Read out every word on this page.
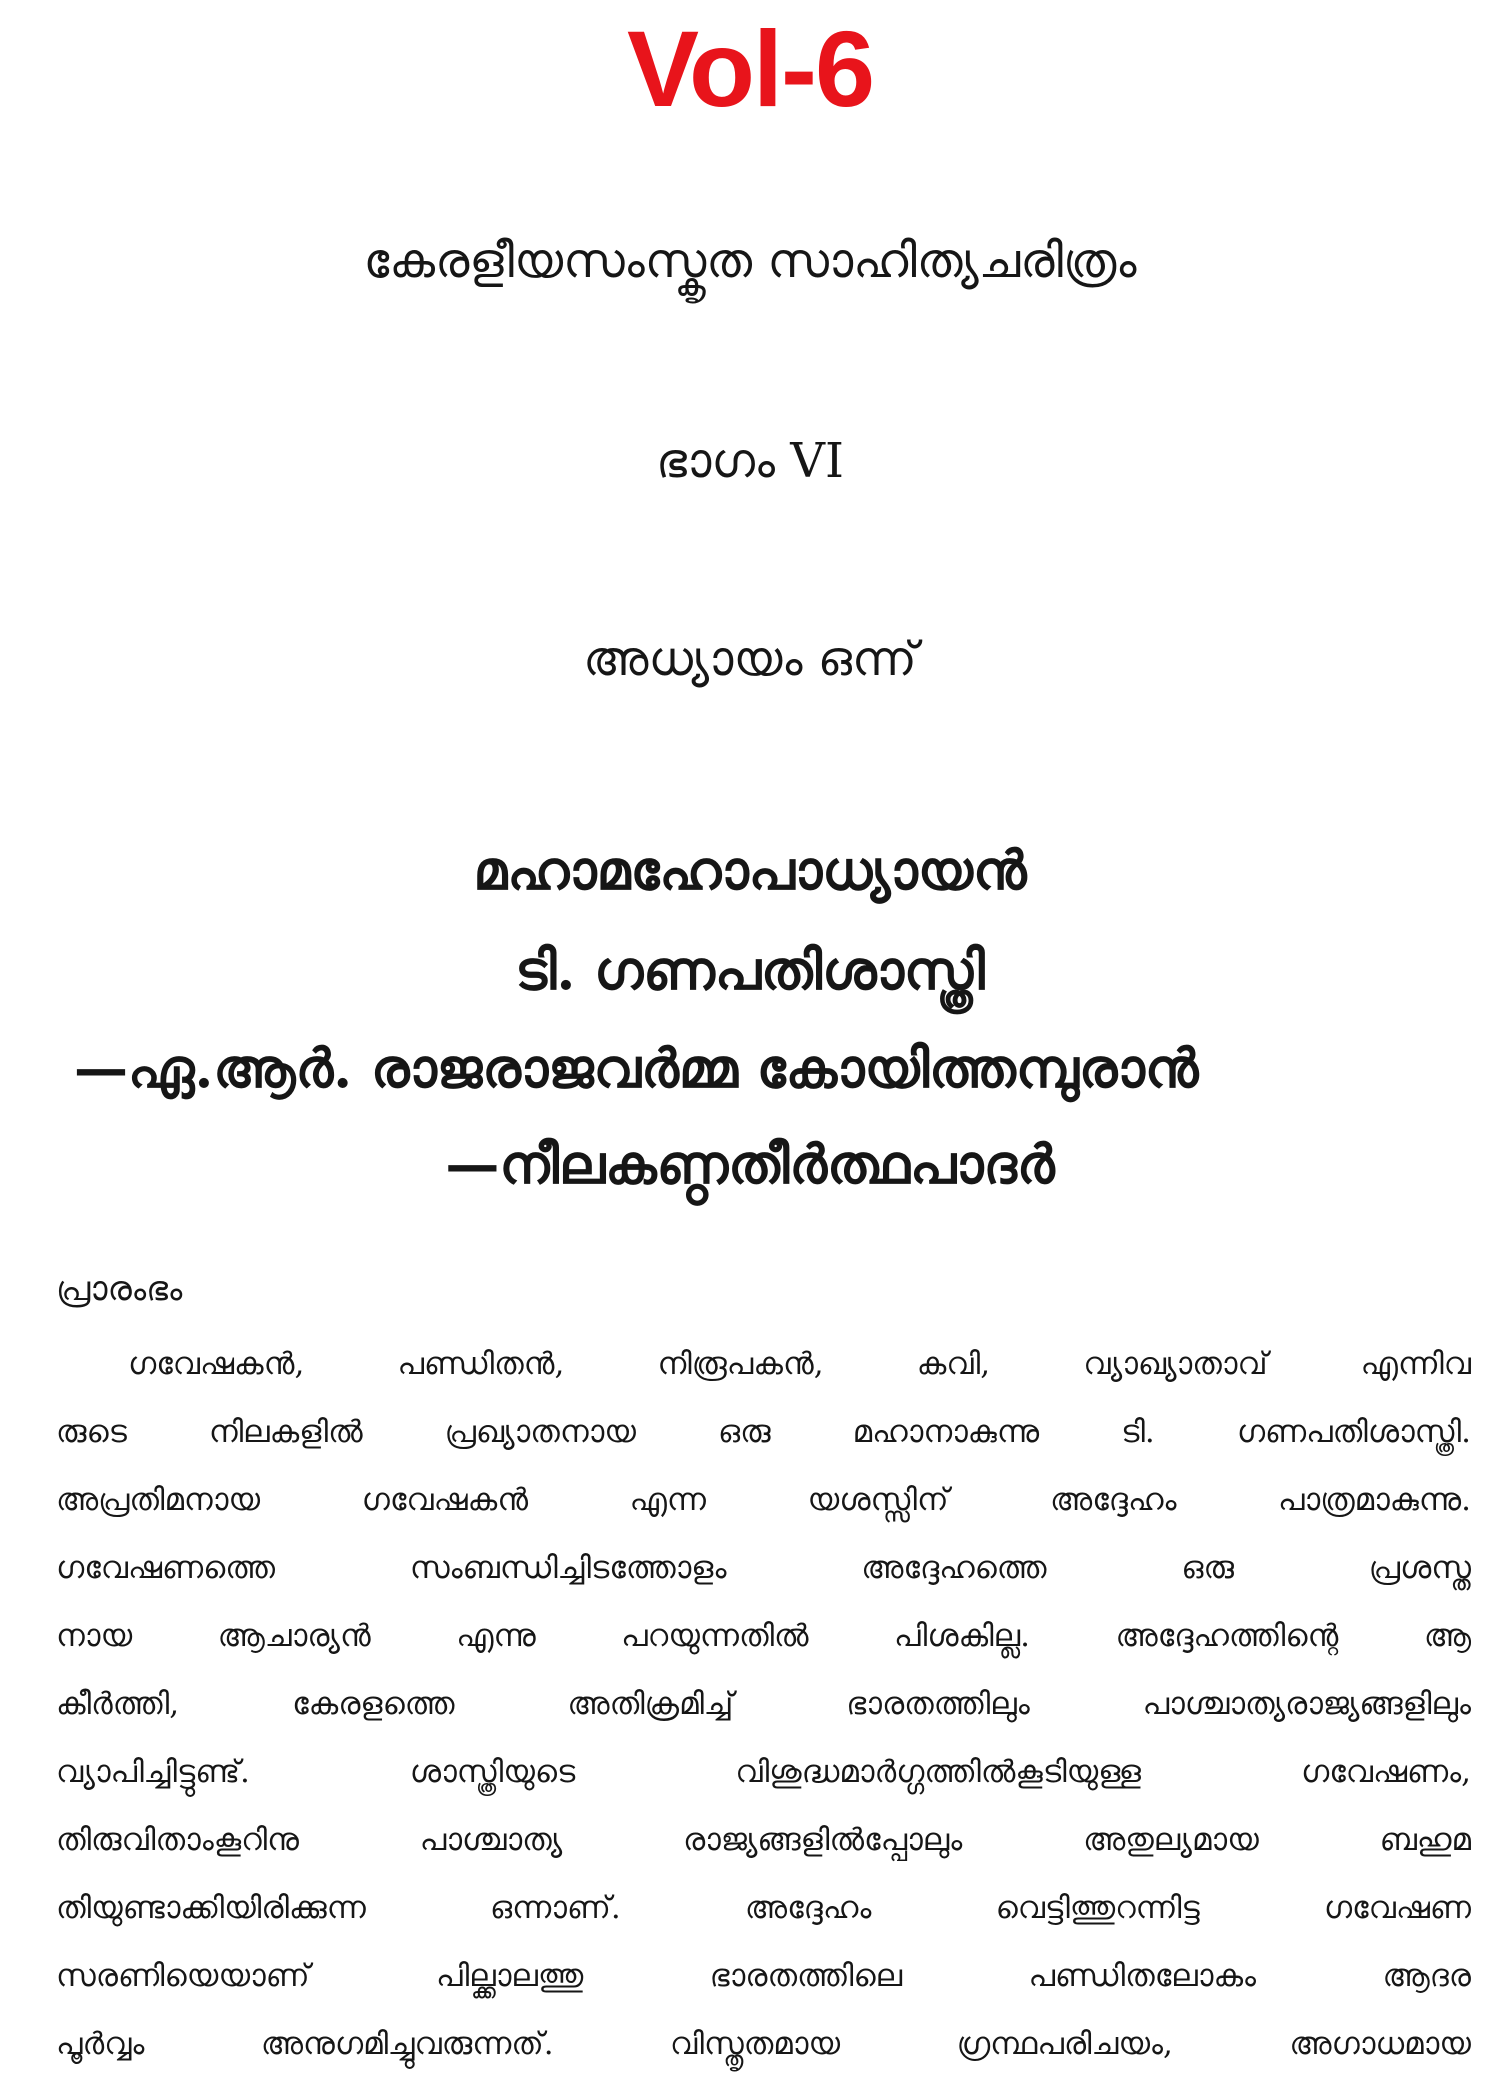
Vol-6
കേരളീയസംസ്കൃത സാഹിത്യചരിത്രം
ഭാഗം VI
അധ്യായം ഒന്ന്
മഹാമഹോപാധ്യായൻ
ടി. ഗണപതിശാസ്ത്രി
—ഏ.ആർ. രാജരാജവർമ്മ കോയിത്തമ്പുരാൻ
—നീലകണ്ഠതീർത്ഥപാദർ
പ്രാരംഭം
ഗവേഷകൻ, പണ്ഡിതൻ, നിരൂപകൻ, കവി, വ്യാഖ്യാതാവ് എന്നിവ
രുടെ നിലകളിൽ പ്രഖ്യാതനായ ഒരു മഹാനാകുന്നു ടി. ഗണപതിശാസ്ത്രി.
അപ്രതിമനായ ഗവേഷകൻ എന്ന യശസ്സിന് അദ്ദേഹം പാത്രമാകുന്നു.
ഗവേഷണത്തെ സംബന്ധിച്ചിടത്തോളം അദ്ദേഹത്തെ ഒരു പ്രശസ്ത
നായ ആചാര്യൻ എന്നു പറയുന്നതിൽ പിശകില്ല. അദ്ദേഹത്തിന്റെ ആ
കീർത്തി, കേരളത്തെ അതിക്രമിച്ച് ഭാരതത്തിലും പാശ്ചാത്യരാജ്യങ്ങളിലും
വ്യാപിച്ചിട്ടുണ്ട്. ശാസ്ത്രിയുടെ വിശുദ്ധമാർഗ്ഗത്തിൽകൂടിയുള്ള ഗവേഷണം,
തിരുവിതാംകൂറിനു പാശ്ചാത്യ രാജ്യങ്ങളിൽപ്പോലും അതുല്യമായ ബഹുമ
തിയുണ്ടാക്കിയിരിക്കുന്ന ഒന്നാണ്. അദ്ദേഹം വെട്ടിത്തുറന്നിട്ട ഗവേഷണ
സരണിയെയാണ് പില്ക്കാലത്തു ഭാരതത്തിലെ പണ്ഡിതലോകം ആദര
പൂർവ്വം അനുഗമിച്ചുവരുന്നത്. വിസ്തൃതമായ ഗ്രന്ഥപരിചയം, അഗാധമായ
